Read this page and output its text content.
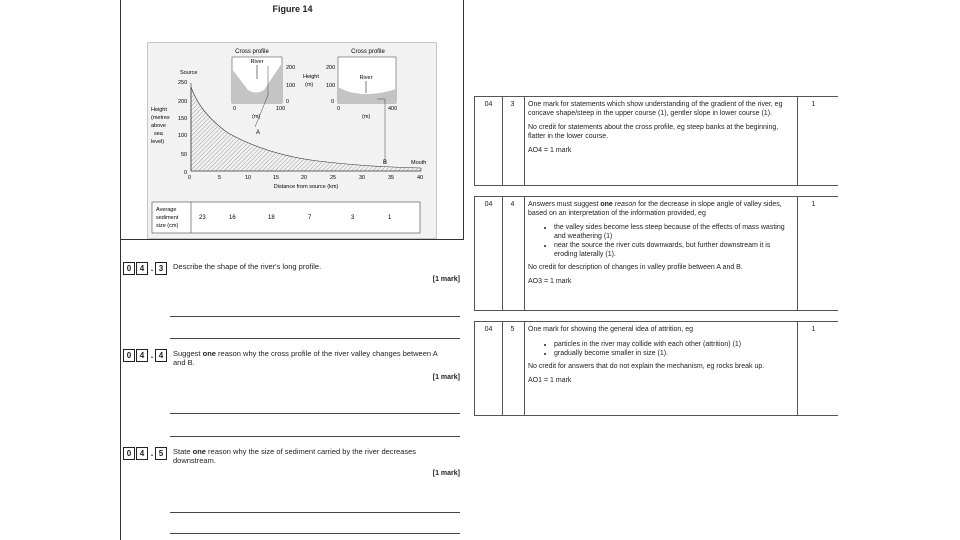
Figure 14
Cross profile
River
200
100
0
0	100
(m)
Height
(m)
Cross profile
River
200
100
0
0	400
(m)
Source
Mouth
Height
(metres
above
sea
level)
250
200
150
100
50
0
A
B
0	5	10	15	20	25	30	35	40
Distance from source (km)
Average
sediment
size (cm)
23	16	18	7	3	1
0	4 . 3	Describe the shape of the river's long profile.
[1 mark]
0	4 . 4	Suggest one reason why the cross profile of the river valley changes between A and B.
[1 mark]
0	4 . 5	State one reason why the size of sediment carried by the river decreases downstream.
[1 mark]
04	3	One mark for statements which show understanding of the gradient of the river, eg concave shape/steep in the upper course (1), gentler slope in lower course (1).

No credit for statements about the cross profile, eg steep banks at the beginning, flatter in the lower course.

AO4 = 1 mark

1
04	4	Answers must suggest one reason for the decrease in slope angle of valley sides, based on an interpretation of the information provided, eg

• the valley sides become less steep because of the effects of mass wasting and weathering (1)
• near the source the river cuts downwards, but further downstream it is eroding laterally (1).

No credit for description of changes in valley profile between A and B.

AO3 = 1 mark

1
04	5	One mark for showing the general idea of attrition, eg

• particles in the river may collide with each other (attrition) (1)
• gradually become smaller in size (1).

No credit for answers that do not explain the mechanism, eg rocks break up.

AO1 = 1 mark

1
